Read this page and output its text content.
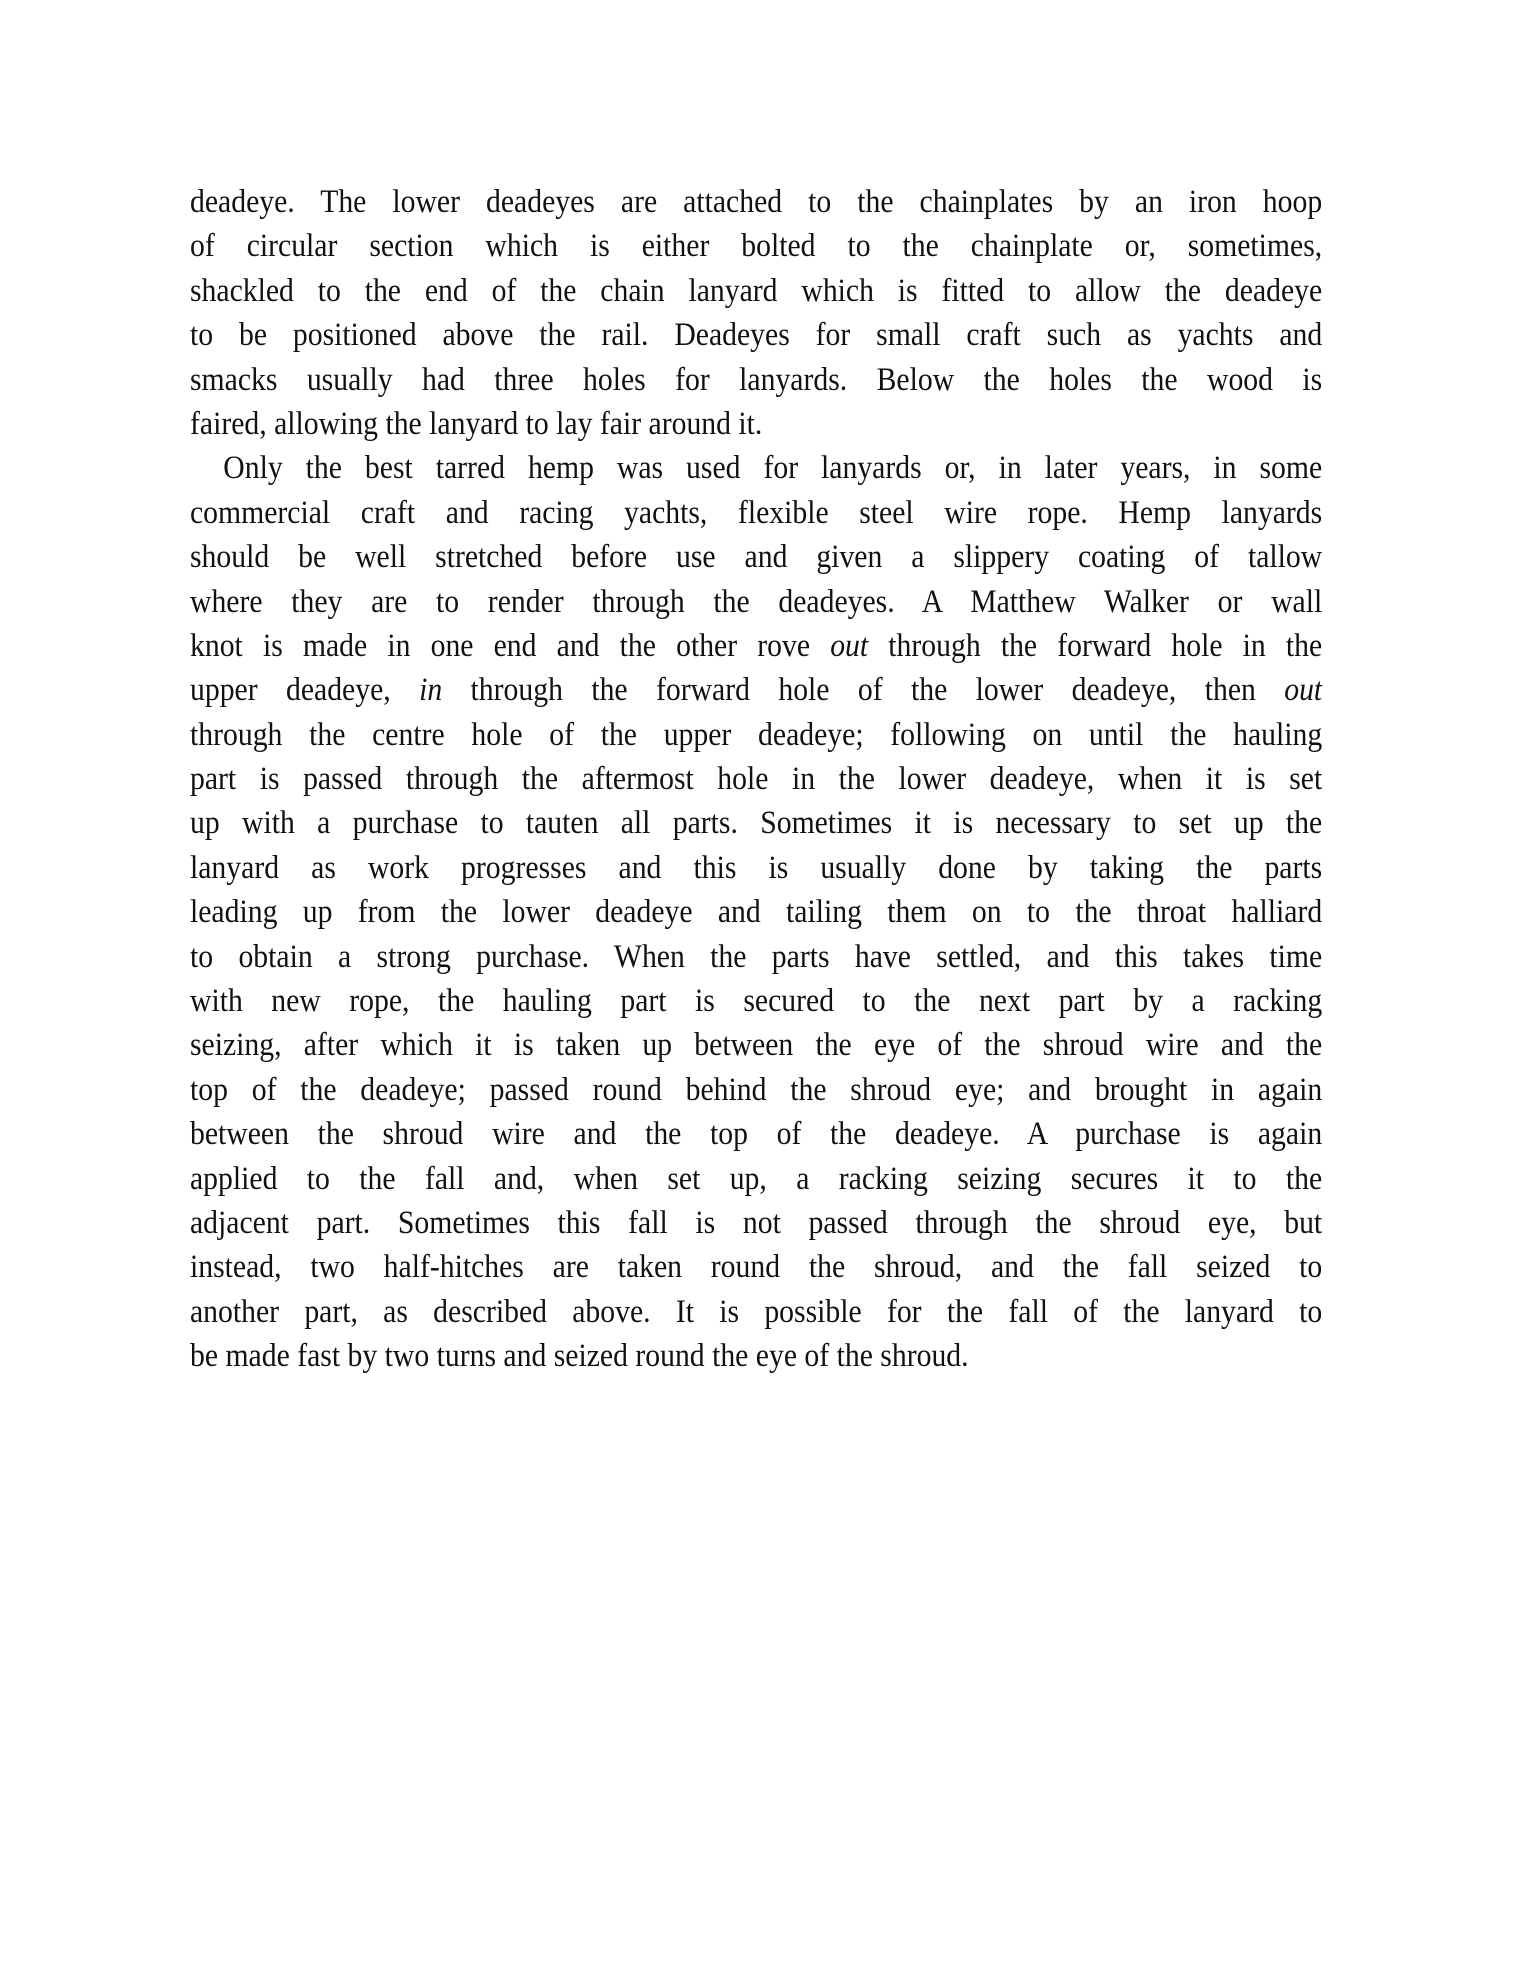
deadeye. The lower deadeyes are attached to the chainplates by an iron hoop
of circular section which is either bolted to the chainplate or, sometimes,
shackled to the end of the chain lanyard which is fitted to allow the deadeye
to be positioned above the rail. Deadeyes for small craft such as yachts and
smacks usually had three holes for lanyards. Below the holes the wood is
faired, allowing the lanyard to lay fair around it.
Only the best tarred hemp was used for lanyards or, in later years, in some
commercial craft and racing yachts, flexible steel wire rope. Hemp lanyards
should be well stretched before use and given a slippery coating of tallow
where they are to render through the deadeyes. A Matthew Walker or wall
knot is made in one end and the other rove out through the forward hole in the
upper deadeye, in through the forward hole of the lower deadeye, then out
through the centre hole of the upper deadeye; following on until the hauling
part is passed through the aftermost hole in the lower deadeye, when it is set
up with a purchase to tauten all parts. Sometimes it is necessary to set up the
lanyard as work progresses and this is usually done by taking the parts
leading up from the lower deadeye and tailing them on to the throat halliard
to obtain a strong purchase. When the parts have settled, and this takes time
with new rope, the hauling part is secured to the next part by a racking
seizing, after which it is taken up between the eye of the shroud wire and the
top of the deadeye; passed round behind the shroud eye; and brought in again
between the shroud wire and the top of the deadeye. A purchase is again
applied to the fall and, when set up, a racking seizing secures it to the
adjacent part. Sometimes this fall is not passed through the shroud eye, but
instead, two half-hitches are taken round the shroud, and the fall seized to
another part, as described above. It is possible for the fall of the lanyard to
be made fast by two turns and seized round the eye of the shroud.
